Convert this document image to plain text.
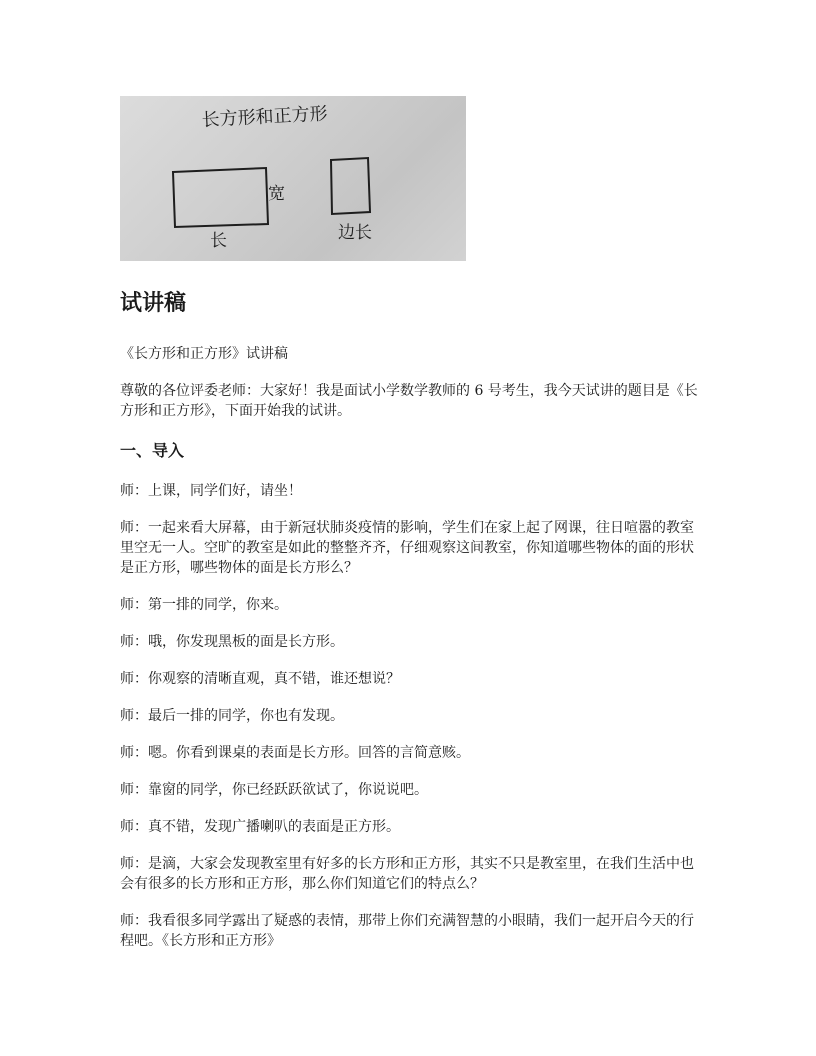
长方形和正方形
宽
长	边长
试讲稿

《长方形和正方形》试讲稿

尊敬的各位评委老师：大家好！我是面试小学数学教师的 6 号考生，我今天试讲的题目是《长方形和正方形》，下面开始我的试讲。

一、导入

师：上课，同学们好，请坐！

师：一起来看大屏幕，由于新冠状肺炎疫情的影响，学生们在家上起了网课，往日喧嚣的教室里空无一人。空旷的教室是如此的整整齐齐，仔细观察这间教室，你知道哪些物体的面的形状是正方形，哪些物体的面是长方形么？

师：第一排的同学，你来。

师：哦，你发现黑板的面是长方形。

师：你观察的清晰直观，真不错，谁还想说？

师：最后一排的同学，你也有发现。

师：嗯。你看到课桌的表面是长方形。回答的言简意赅。

师：靠窗的同学，你已经跃跃欲试了，你说说吧。

师：真不错，发现广播喇叭的表面是正方形。

师：是滴，大家会发现教室里有好多的长方形和正方形，其实不只是教室里，在我们生活中也会有很多的长方形和正方形，那么你们知道它们的特点么？

师：我看很多同学露出了疑惑的表情，那带上你们充满智慧的小眼睛，我们一起开启今天的行程吧。《长方形和正方形》
